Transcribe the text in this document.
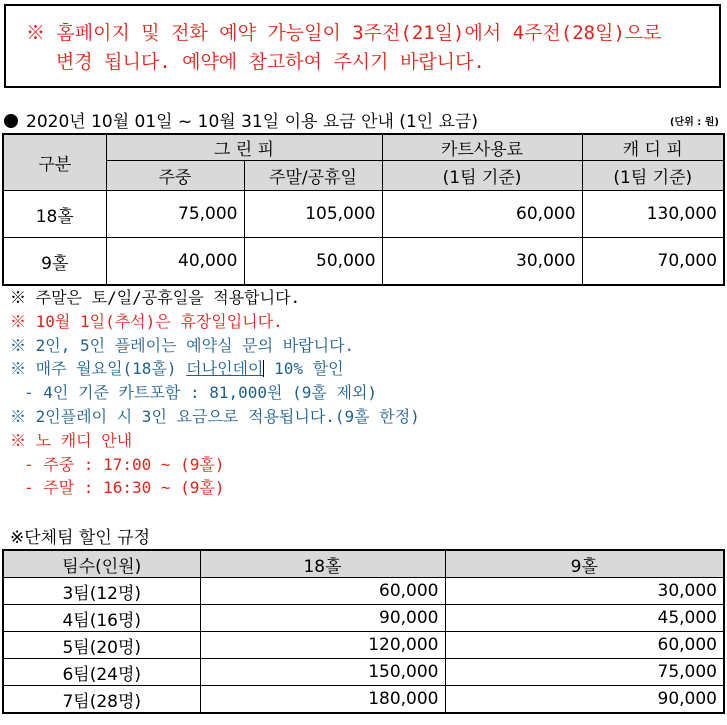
※ 홈페이지 및 전화 예약 가능일이 3주전(21일)에서 4주전(28일)으로
변경 됩니다. 예약에 참고하여 주시기 바랍니다.
2020년 10월 01일 ~ 10월 31일 이용 요금 안내 (1인 요금)	(단위 : 원)
구분	그 린 피		카트사용료	캐 디 피
	주중	주말/공휴일	(1팀 기준)	(1팀 기준)
18홀	75,000	105,000	60,000	130,000
9홀	40,000	50,000	30,000	70,000
※ 주말은 토/일/공휴일을 적용합니다.
※ 10월 1일(추석)은 휴장일입니다.
※ 2인, 5인 플레이는 예약실 문의 바랍니다.
※ 매주 월요일(18홀) 더나인데이 10% 할인
- 4인 기준 카트포함 : 81,000원 (9홀 제외)
※ 2인플레이 시 3인 요금으로 적용됩니다.(9홀 한정)
※ 노 캐디 안내
- 주중 : 17:00 ~ (9홀)
- 주말 : 16:30 ~ (9홀)
※단체팀 할인 규정
팀수(인원)	18홀	9홀
3팀(12명)	60,000	30,000
4팀(16명)	90,000	45,000
5팀(20명)	120,000	60,000
6팀(24명)	150,000	75,000
7팀(28명)	180,000	90,000
